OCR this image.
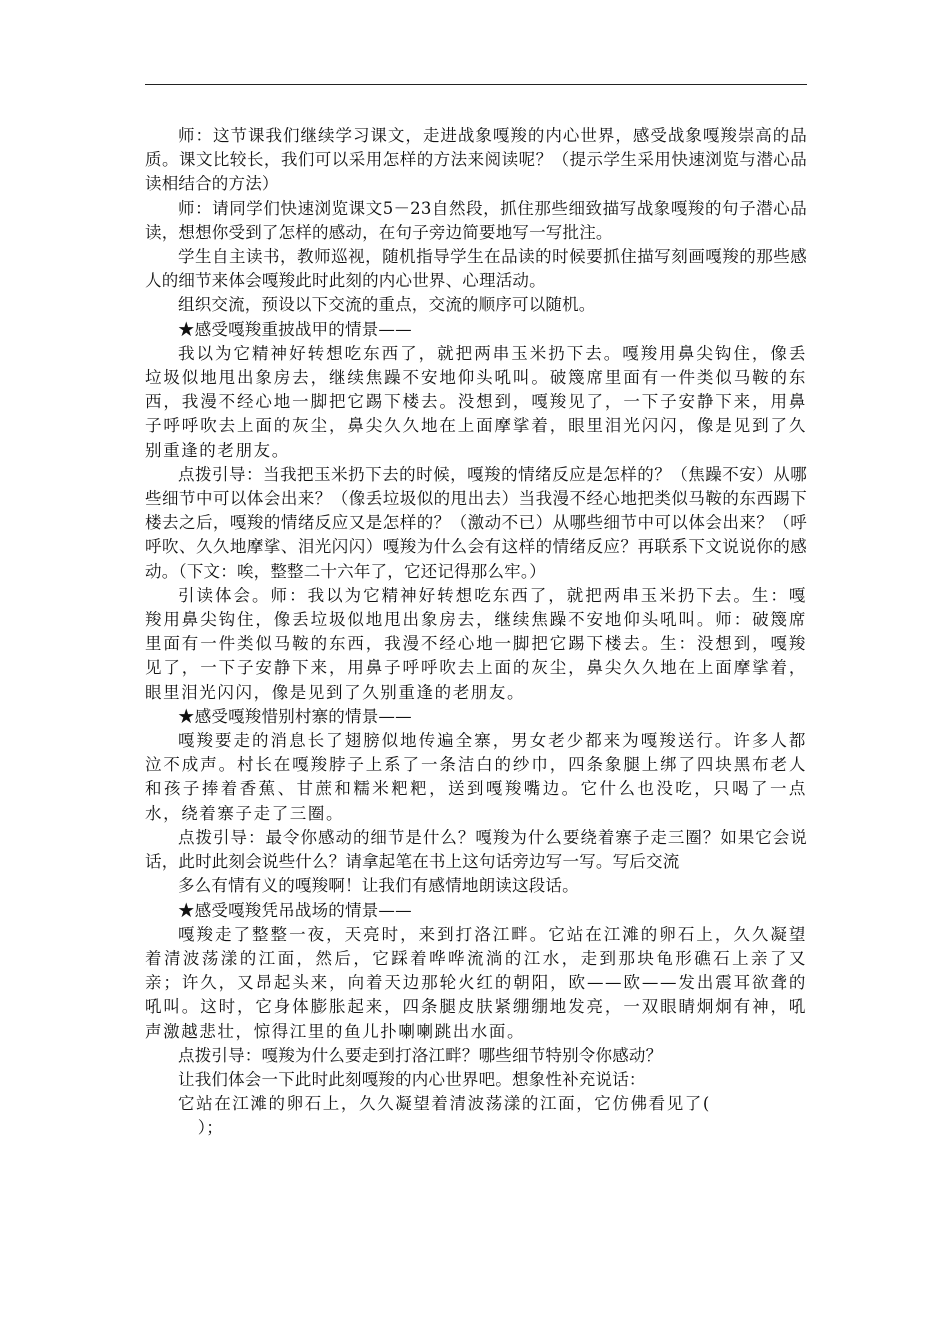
师：这节课我们继续学习课文，走进战象嘎羧的内心世界，感受战象嘎羧崇高的品质。课文比较长，我们可以采用怎样的方法来阅读呢？（提示学生采用快速浏览与潜心品读相结合的方法）

师：请同学们快速浏览课文5－23自然段，抓住那些细致描写战象嘎羧的句子潜心品读，想想你受到了怎样的感动，在句子旁边简要地写一写批注。

学生自主读书，教师巡视，随机指导学生在品读的时候要抓住描写刻画嘎羧的那些感人的细节来体会嘎羧此时此刻的内心世界、心理活动。

组织交流，预设以下交流的重点，交流的顺序可以随机。

★感受嘎羧重披战甲的情景——

我以为它精神好转想吃东西了，就把两串玉米扔下去。嘎羧用鼻尖钩住，像丢垃圾似地甩出象房去，继续焦躁不安地仰头吼叫。破篾席里面有一件类似马鞍的东西，我漫不经心地一脚把它踢下楼去。没想到，嘎羧见了，一下子安静下来，用鼻子呼呼吹去上面的灰尘，鼻尖久久地在上面摩挲着，眼里泪光闪闪，像是见到了久别重逢的老朋友。

点拨引导：当我把玉米扔下去的时候，嘎羧的情绪反应是怎样的？（焦躁不安）从哪些细节中可以体会出来？（像丢垃圾似的甩出去）当我漫不经心地把类似马鞍的东西踢下楼去之后，嘎羧的情绪反应又是怎样的？（激动不已）从哪些细节中可以体会出来？（呼呼吹、久久地摩挲、泪光闪闪）嘎羧为什么会有这样的情绪反应？再联系下文说说你的感动。（下文：唉，整整二十六年了，它还记得那么牢。）

引读体会。师：我以为它精神好转想吃东西了，就把两串玉米扔下去。生：嘎羧用鼻尖钩住，像丢垃圾似地甩出象房去，继续焦躁不安地仰头吼叫。师：破篾席里面有一件类似马鞍的东西，我漫不经心地一脚把它踢下楼去。生：没想到，嘎羧见了，一下子安静下来，用鼻子呼呼吹去上面的灰尘，鼻尖久久地在上面摩挲着，眼里泪光闪闪，像是见到了久别重逢的老朋友。

★感受嘎羧惜别村寨的情景——

嘎羧要走的消息长了翅膀似地传遍全寨，男女老少都来为嘎羧送行。许多人都泣不成声。村长在嘎羧脖子上系了一条洁白的纱巾，四条象腿上绑了四块黑布老人和孩子捧着香蕉、甘蔗和糯米粑粑，送到嘎羧嘴边。它什么也没吃，只喝了一点水，绕着寨子走了三圈。

点拨引导：最令你感动的细节是什么？嘎羧为什么要绕着寨子走三圈？如果它会说话，此时此刻会说些什么？请拿起笔在书上这句话旁边写一写。写后交流

多么有情有义的嘎羧啊！让我们有感情地朗读这段话。

★感受嘎羧凭吊战场的情景——

嘎羧走了整整一夜，天亮时，来到打洛江畔。它站在江滩的卵石上，久久凝望着清波荡漾的江面，然后，它踩着哗哗流淌的江水，走到那块龟形礁石上亲了又亲；许久，又昂起头来，向着天边那轮火红的朝阳，欧——欧——发出震耳欲聋的吼叫。这时，它身体膨胀起来，四条腿皮肤紧绷绷地发亮，一双眼睛炯炯有神，吼声激越悲壮，惊得江里的鱼儿扑喇喇跳出水面。

点拨引导：嘎羧为什么要走到打洛江畔？哪些细节特别令你感动？

让我们体会一下此时此刻嘎羧的内心世界吧。想象性补充说话：

它站在江滩的卵石上，久久凝望着清波荡漾的江面，它仿佛看见了(

）；
